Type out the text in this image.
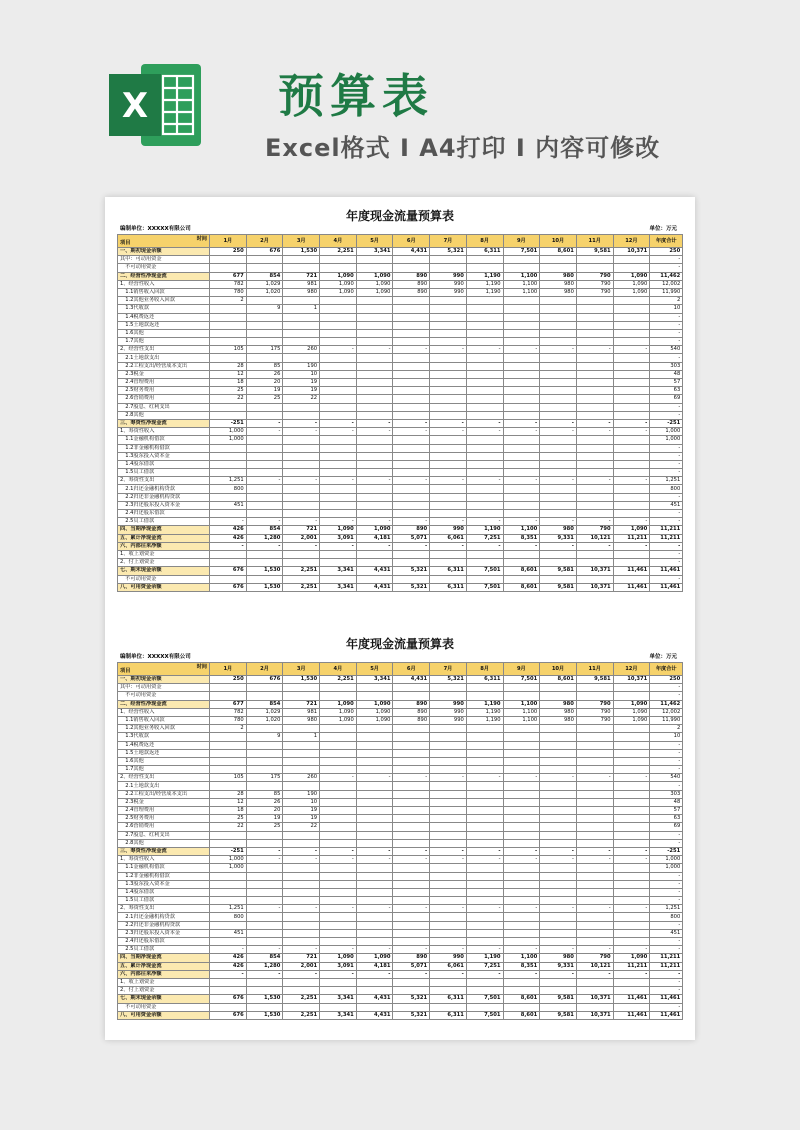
X	预算表
Excel格式 I A4打印 I 内容可修改
年度现金流量预算表
编制单位：XXXXX有限公司	单位：万元
项目
时间	1月	2月	3月	4月	5月	6月	7月	8月	9月	10月	11月	12月	年度合计
一、期初现金余额	250	676	1,530	2,251	3,341	4,431	5,321	6,311	7,501	8,601	9,581	10,371	250
其中：可动用资金													-
　不可动用资金													-
二、经营性净现金流	677	854	721	1,090	1,090	890	990	1,190	1,100	980	790	1,090	11,462
1、经营性收入	782	1,029	981	1,090	1,090	890	990	1,190	1,100	980	790	1,090	12,002
　1.1销售收入回款	780	1,020	980	1,090	1,090	890	990	1,190	1,100	980	790	1,090	11,990
　1.2其他业务收入回款	2												2
　1.3代收款		9	1										10
　1.4税费返还													-
　1.5土地款返还													-
　1.6其他													-
　1.7其他													-
2、经营性支出	105	175	260	-	-	-	-	-	-	-	-	-	540
　2.1土地款支出													-
　2.2工程支出/经营成本支出	28	85	190										303
　2.3税金	12	26	10										48
　2.4管理费用	18	20	19										57
　2.5财务费用	25	19	19										63
　2.6营销费用	22	25	22										69
　2.7股息、红利支出													-
　2.8其他													-
三、筹资性净现金流	-251	-	-	-	-	-	-	-	-	-	-	-	-251
1、筹资性收入	1,000	-	-	-	-	-	-	-	-	-	-	-	1,000
　1.1金融机构借款	1,000												1,000
　1.2非金融机构借款													-
　1.3股东投入资本金													-
　1.4股东借款													-
　1.5员工借款													-
2、筹资性支出	1,251	-	-	-	-	-	-	-	-	-	-	-	1,251
　2.1归还金融机构贷款	800												800
　2.2归还非金融机构贷款													-
　2.3归还股东投入资本金	451												451
　2.4归还股东借款													-
　2.5员工借款	-	-	-	-	-	-	-	-	-	-	-	-	-
四、当期净现金流	426	854	721	1,090	1,090	890	990	1,190	1,100	980	790	1,090	11,211
五、累计净现金流	426	1,280	2,001	3,091	4,181	5,071	6,061	7,251	8,351	9,331	10,121	11,211	11,211
六、内部往来净额	-	-	-	-	-	-	-	-	-	-	-	-	-
1、收上划资金													-
2、付上划资金													-
七、期末现金余额	676	1,530	2,251	3,341	4,431	5,321	6,311	7,501	8,601	9,581	10,371	11,461	11,461
　不可动用资金													-
八、可用资金余额	676	1,530	2,251	3,341	4,431	5,321	6,311	7,501	8,601	9,581	10,371	11,461	11,461
年度现金流量预算表
编制单位：XXXXX有限公司	单位：万元
项目
时间	1月	2月	3月	4月	5月	6月	7月	8月	9月	10月	11月	12月	年度合计
一、期初现金余额	250	676	1,530	2,251	3,341	4,431	5,321	6,311	7,501	8,601	9,581	10,371	250
其中：可动用资金													-
　不可动用资金													-
二、经营性净现金流	677	854	721	1,090	1,090	890	990	1,190	1,100	980	790	1,090	11,462
1、经营性收入	782	1,029	981	1,090	1,090	890	990	1,190	1,100	980	790	1,090	12,002
　1.1销售收入回款	780	1,020	980	1,090	1,090	890	990	1,190	1,100	980	790	1,090	11,990
　1.2其他业务收入回款	2												2
　1.3代收款		9	1										10
　1.4税费返还													-
　1.5土地款返还													-
　1.6其他													-
　1.7其他													-
2、经营性支出	105	175	260	-	-	-	-	-	-	-	-	-	540
　2.1土地款支出													-
　2.2工程支出/经营成本支出	28	85	190										303
　2.3税金	12	26	10										48
　2.4管理费用	18	20	19										57
　2.5财务费用	25	19	19										63
　2.6营销费用	22	25	22										69
　2.7股息、红利支出													-
　2.8其他													-
三、筹资性净现金流	-251	-	-	-	-	-	-	-	-	-	-	-	-251
1、筹资性收入	1,000	-	-	-	-	-	-	-	-	-	-	-	1,000
　1.1金融机构借款	1,000												1,000
　1.2非金融机构借款													-
　1.3股东投入资本金													-
　1.4股东借款													-
　1.5员工借款													-
2、筹资性支出	1,251	-	-	-	-	-	-	-	-	-	-	-	1,251
　2.1归还金融机构贷款	800												800
　2.2归还非金融机构贷款													-
　2.3归还股东投入资本金	451												451
　2.4归还股东借款													-
　2.5员工借款	-	-	-	-	-	-	-	-	-	-	-	-	-
四、当期净现金流	426	854	721	1,090	1,090	890	990	1,190	1,100	980	790	1,090	11,211
五、累计净现金流	426	1,280	2,001	3,091	4,181	5,071	6,061	7,251	8,351	9,331	10,121	11,211	11,211
六、内部往来净额	-	-	-	-	-	-	-	-	-	-	-	-	-
1、收上划资金													-
2、付上划资金													-
七、期末现金余额	676	1,530	2,251	3,341	4,431	5,321	6,311	7,501	8,601	9,581	10,371	11,461	11,461
　不可动用资金													-
八、可用资金余额	676	1,530	2,251	3,341	4,431	5,321	6,311	7,501	8,601	9,581	10,371	11,461	11,461
